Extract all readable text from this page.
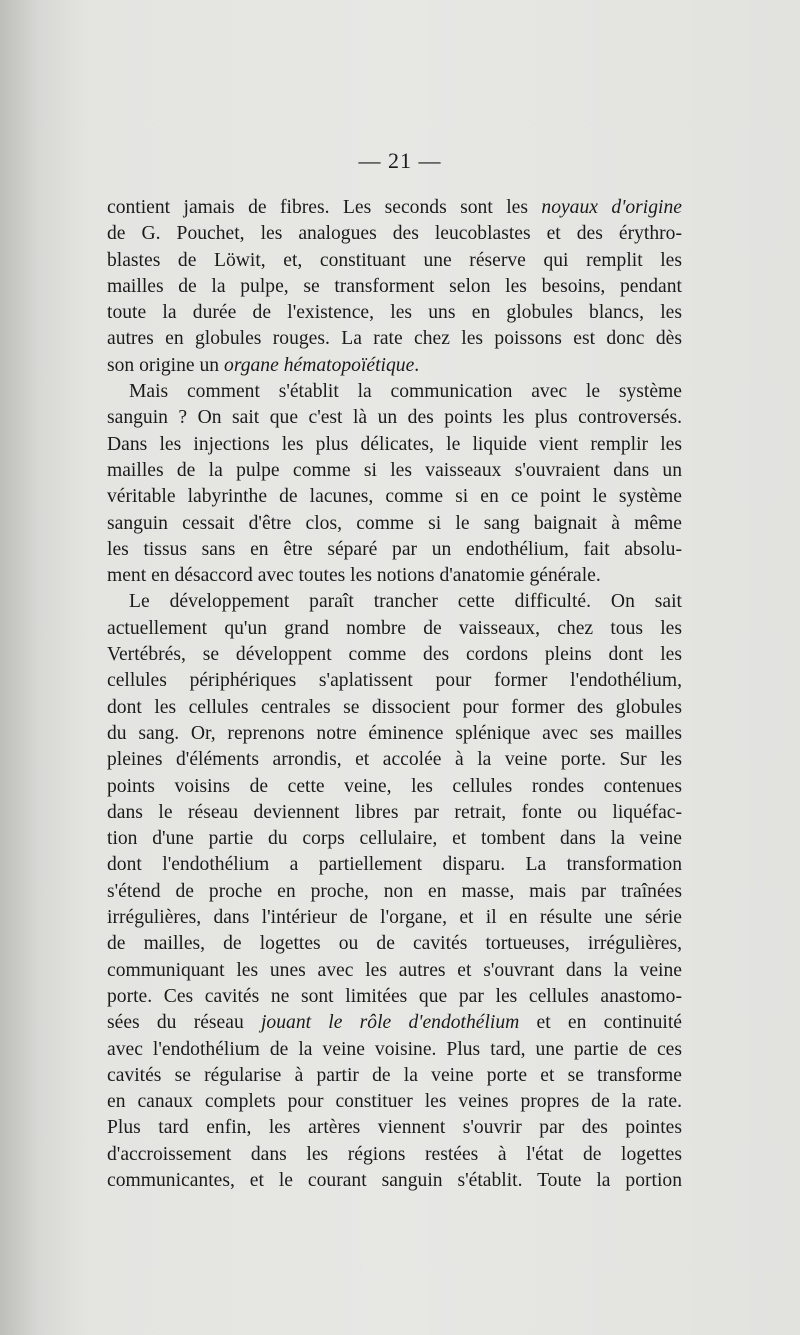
— 21 —
contient jamais de fibres. Les seconds sont les noyaux d'origine
de G. Pouchet, les analogues des leucoblastes et des érythro-
blastes de Löwit, et, constituant une réserve qui remplit les
mailles de la pulpe, se transforment selon les besoins, pendant
toute la durée de l'existence, les uns en globules blancs, les
autres en globules rouges. La rate chez les poissons est donc dès
son origine un organe hématopoïétique.
Mais comment s'établit la communication avec le système
sanguin ? On sait que c'est là un des points les plus controversés.
Dans les injections les plus délicates, le liquide vient remplir les
mailles de la pulpe comme si les vaisseaux s'ouvraient dans un
véritable labyrinthe de lacunes, comme si en ce point le système
sanguin cessait d'être clos, comme si le sang baignait à même
les tissus sans en être séparé par un endothélium, fait absolu-
ment en désaccord avec toutes les notions d'anatomie générale.
Le développement paraît trancher cette difficulté. On sait
actuellement qu'un grand nombre de vaisseaux, chez tous les
Vertébrés, se développent comme des cordons pleins dont les
cellules périphériques s'aplatissent pour former l'endothélium,
dont les cellules centrales se dissocient pour former des globules
du sang. Or, reprenons notre éminence splénique avec ses mailles
pleines d'éléments arrondis, et accolée à la veine porte. Sur les
points voisins de cette veine, les cellules rondes contenues
dans le réseau deviennent libres par retrait, fonte ou liquéfac-
tion d'une partie du corps cellulaire, et tombent dans la veine
dont l'endothélium a partiellement disparu. La transformation
s'étend de proche en proche, non en masse, mais par traînées
irrégulières, dans l'intérieur de l'organe, et il en résulte une série
de mailles, de logettes ou de cavités tortueuses, irrégulières,
communiquant les unes avec les autres et s'ouvrant dans la veine
porte. Ces cavités ne sont limitées que par les cellules anastomo-
sées du réseau jouant le rôle d'endothélium et en continuité
avec l'endothélium de la veine voisine. Plus tard, une partie de ces
cavités se régularise à partir de la veine porte et se transforme
en canaux complets pour constituer les veines propres de la rate.
Plus tard enfin, les artères viennent s'ouvrir par des pointes
d'accroissement dans les régions restées à l'état de logettes
communicantes, et le courant sanguin s'établit. Toute la portion
